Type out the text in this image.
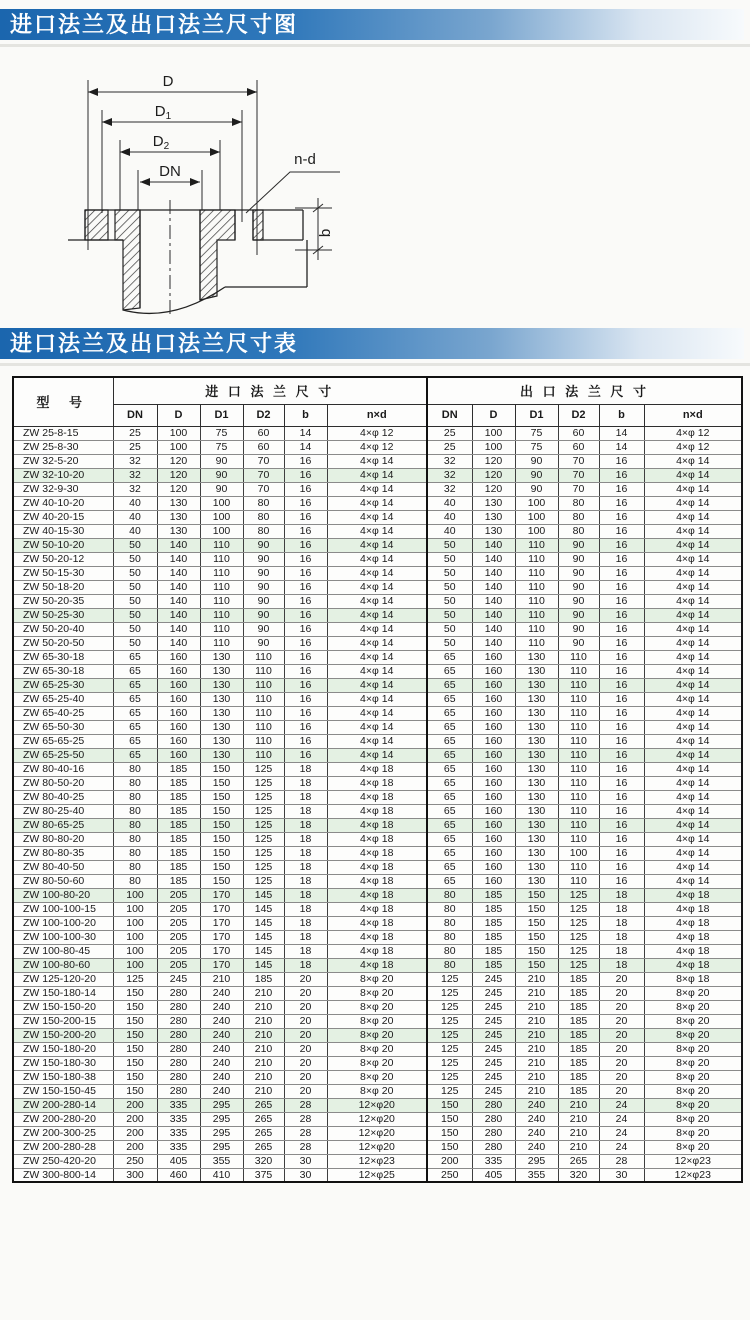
进口法兰及出口法兰尺寸图
D
$D_1$
$D_2$
DN
n-d
b
进口法兰及出口法兰尺寸表
型 号	进 口 法 兰 尺 寸						出 口 法 兰 尺 寸					
	DN	D	D1	D2	b	n×d	DN	D	D1	D2	b	n×d
ZW 25-8-15	25	100	75	60	14	4×φ 12	25	100	75	60	14	4×φ 12
ZW 25-8-30	25	100	75	60	14	4×φ 12	25	100	75	60	14	4×φ 12
ZW 32-5-20	32	120	90	70	16	4×φ 14	32	120	90	70	16	4×φ 14
ZW 32-10-20	32	120	90	70	16	4×φ 14	32	120	90	70	16	4×φ 14
ZW 32-9-30	32	120	90	70	16	4×φ 14	32	120	90	70	16	4×φ 14
ZW 40-10-20	40	130	100	80	16	4×φ 14	40	130	100	80	16	4×φ 14
ZW 40-20-15	40	130	100	80	16	4×φ 14	40	130	100	80	16	4×φ 14
ZW 40-15-30	40	130	100	80	16	4×φ 14	40	130	100	80	16	4×φ 14
ZW 50-10-20	50	140	110	90	16	4×φ 14	50	140	110	90	16	4×φ 14
ZW 50-20-12	50	140	110	90	16	4×φ 14	50	140	110	90	16	4×φ 14
ZW 50-15-30	50	140	110	90	16	4×φ 14	50	140	110	90	16	4×φ 14
ZW 50-18-20	50	140	110	90	16	4×φ 14	50	140	110	90	16	4×φ 14
ZW 50-20-35	50	140	110	90	16	4×φ 14	50	140	110	90	16	4×φ 14
ZW 50-25-30	50	140	110	90	16	4×φ 14	50	140	110	90	16	4×φ 14
ZW 50-20-40	50	140	110	90	16	4×φ 14	50	140	110	90	16	4×φ 14
ZW 50-20-50	50	140	110	90	16	4×φ 14	50	140	110	90	16	4×φ 14
ZW 65-30-18	65	160	130	110	16	4×φ 14	65	160	130	110	16	4×φ 14
ZW 65-30-18	65	160	130	110	16	4×φ 14	65	160	130	110	16	4×φ 14
ZW 65-25-30	65	160	130	110	16	4×φ 14	65	160	130	110	16	4×φ 14
ZW 65-25-40	65	160	130	110	16	4×φ 14	65	160	130	110	16	4×φ 14
ZW 65-40-25	65	160	130	110	16	4×φ 14	65	160	130	110	16	4×φ 14
ZW 65-50-30	65	160	130	110	16	4×φ 14	65	160	130	110	16	4×φ 14
ZW 65-65-25	65	160	130	110	16	4×φ 14	65	160	130	110	16	4×φ 14
ZW 65-25-50	65	160	130	110	16	4×φ 14	65	160	130	110	16	4×φ 14
ZW 80-40-16	80	185	150	125	18	4×φ 18	65	160	130	110	16	4×φ 14
ZW 80-50-20	80	185	150	125	18	4×φ 18	65	160	130	110	16	4×φ 14
ZW 80-40-25	80	185	150	125	18	4×φ 18	65	160	130	110	16	4×φ 14
ZW 80-25-40	80	185	150	125	18	4×φ 18	65	160	130	110	16	4×φ 14
ZW 80-65-25	80	185	150	125	18	4×φ 18	65	160	130	110	16	4×φ 14
ZW 80-80-20	80	185	150	125	18	4×φ 18	65	160	130	110	16	4×φ 14
ZW 80-80-35	80	185	150	125	18	4×φ 18	65	160	130	100	16	4×φ 14
ZW 80-40-50	80	185	150	125	18	4×φ 18	65	160	130	110	16	4×φ 14
ZW 80-50-60	80	185	150	125	18	4×φ 18	65	160	130	110	16	4×φ 14
ZW 100-80-20	100	205	170	145	18	4×φ 18	80	185	150	125	18	4×φ 18
ZW 100-100-15	100	205	170	145	18	4×φ 18	80	185	150	125	18	4×φ 18
ZW 100-100-20	100	205	170	145	18	4×φ 18	80	185	150	125	18	4×φ 18
ZW 100-100-30	100	205	170	145	18	4×φ 18	80	185	150	125	18	4×φ 18
ZW 100-80-45	100	205	170	145	18	4×φ 18	80	185	150	125	18	4×φ 18
ZW 100-80-60	100	205	170	145	18	4×φ 18	80	185	150	125	18	4×φ 18
ZW 125-120-20	125	245	210	185	20	8×φ 20	125	245	210	185	20	8×φ 18
ZW 150-180-14	150	280	240	210	20	8×φ 20	125	245	210	185	20	8×φ 20
ZW 150-150-20	150	280	240	210	20	8×φ 20	125	245	210	185	20	8×φ 20
ZW 150-200-15	150	280	240	210	20	8×φ 20	125	245	210	185	20	8×φ 20
ZW 150-200-20	150	280	240	210	20	8×φ 20	125	245	210	185	20	8×φ 20
ZW 150-180-20	150	280	240	210	20	8×φ 20	125	245	210	185	20	8×φ 20
ZW 150-180-30	150	280	240	210	20	8×φ 20	125	245	210	185	20	8×φ 20
ZW 150-180-38	150	280	240	210	20	8×φ 20	125	245	210	185	20	8×φ 20
ZW 150-150-45	150	280	240	210	20	8×φ 20	125	245	210	185	20	8×φ 20
ZW 200-280-14	200	335	295	265	28	12×φ20	150	280	240	210	24	8×φ 20
ZW 200-280-20	200	335	295	265	28	12×φ20	150	280	240	210	24	8×φ 20
ZW 200-300-25	200	335	295	265	28	12×φ20	150	280	240	210	24	8×φ 20
ZW 200-280-28	200	335	295	265	28	12×φ20	150	280	240	210	24	8×φ 20
ZW 250-420-20	250	405	355	320	30	12×φ23	200	335	295	265	28	12×φ23
ZW 300-800-14	300	460	410	375	30	12×φ25	250	405	355	320	30	12×φ23
